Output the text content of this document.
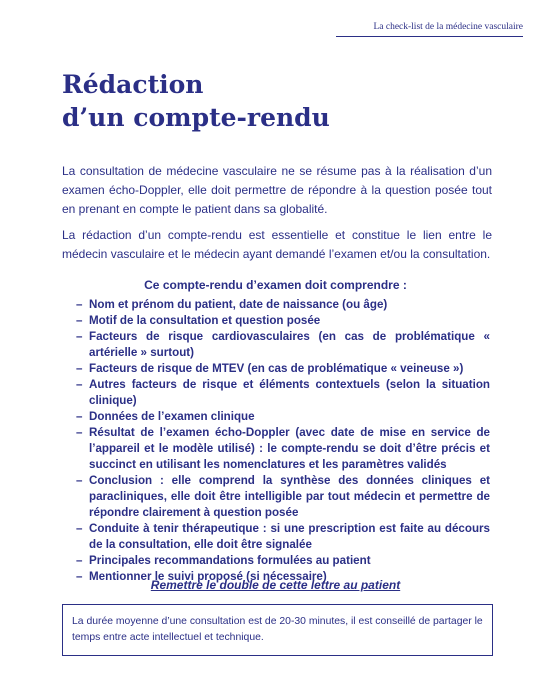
La check-list de la médecine vasculaire
Rédaction
d’un compte-rendu

La consultation de médecine vasculaire ne se résume pas à la réalisation d’un examen écho-Doppler, elle doit permettre de répondre à la question posée tout en prenant en compte le patient dans sa globalité.

La rédaction d’un compte-rendu est essentielle et constitue le lien entre le médecin vasculaire et le médecin ayant demandé l’examen et/ou la consultation.

Ce compte-rendu d’examen doit comprendre :

– Nom et prénom du patient, date de naissance (ou âge)
– Motif de la consultation et question posée
– Facteurs de risque cardiovasculaires (en cas de problématique « artérielle » surtout)
– Facteurs de risque de MTEV (en cas de problématique « veineuse »)
– Autres facteurs de risque et éléments contextuels (selon la situation clinique)
– Données de l’examen clinique
– Résultat de l’examen écho-Doppler (avec date de mise en service de l’appareil et le modèle utilisé) : le compte-rendu se doit d’être précis et succinct en utilisant les nomenclatures et les paramètres validés
– Conclusion : elle comprend la synthèse des données cliniques et paracliniques, elle doit être intelligible par tout médecin et permettre de répondre clairement à question posée
– Conduite à tenir thérapeutique : si une prescription est faite au décours de la consultation, elle doit être signalée
– Principales recommandations formulées au patient
– Mentionner le suivi proposé (si nécessaire)

Remettre le double de cette lettre au patient

La durée moyenne d’une consultation est de 20-30 minutes, il est conseillé de partager le temps entre acte intellectuel et technique.
